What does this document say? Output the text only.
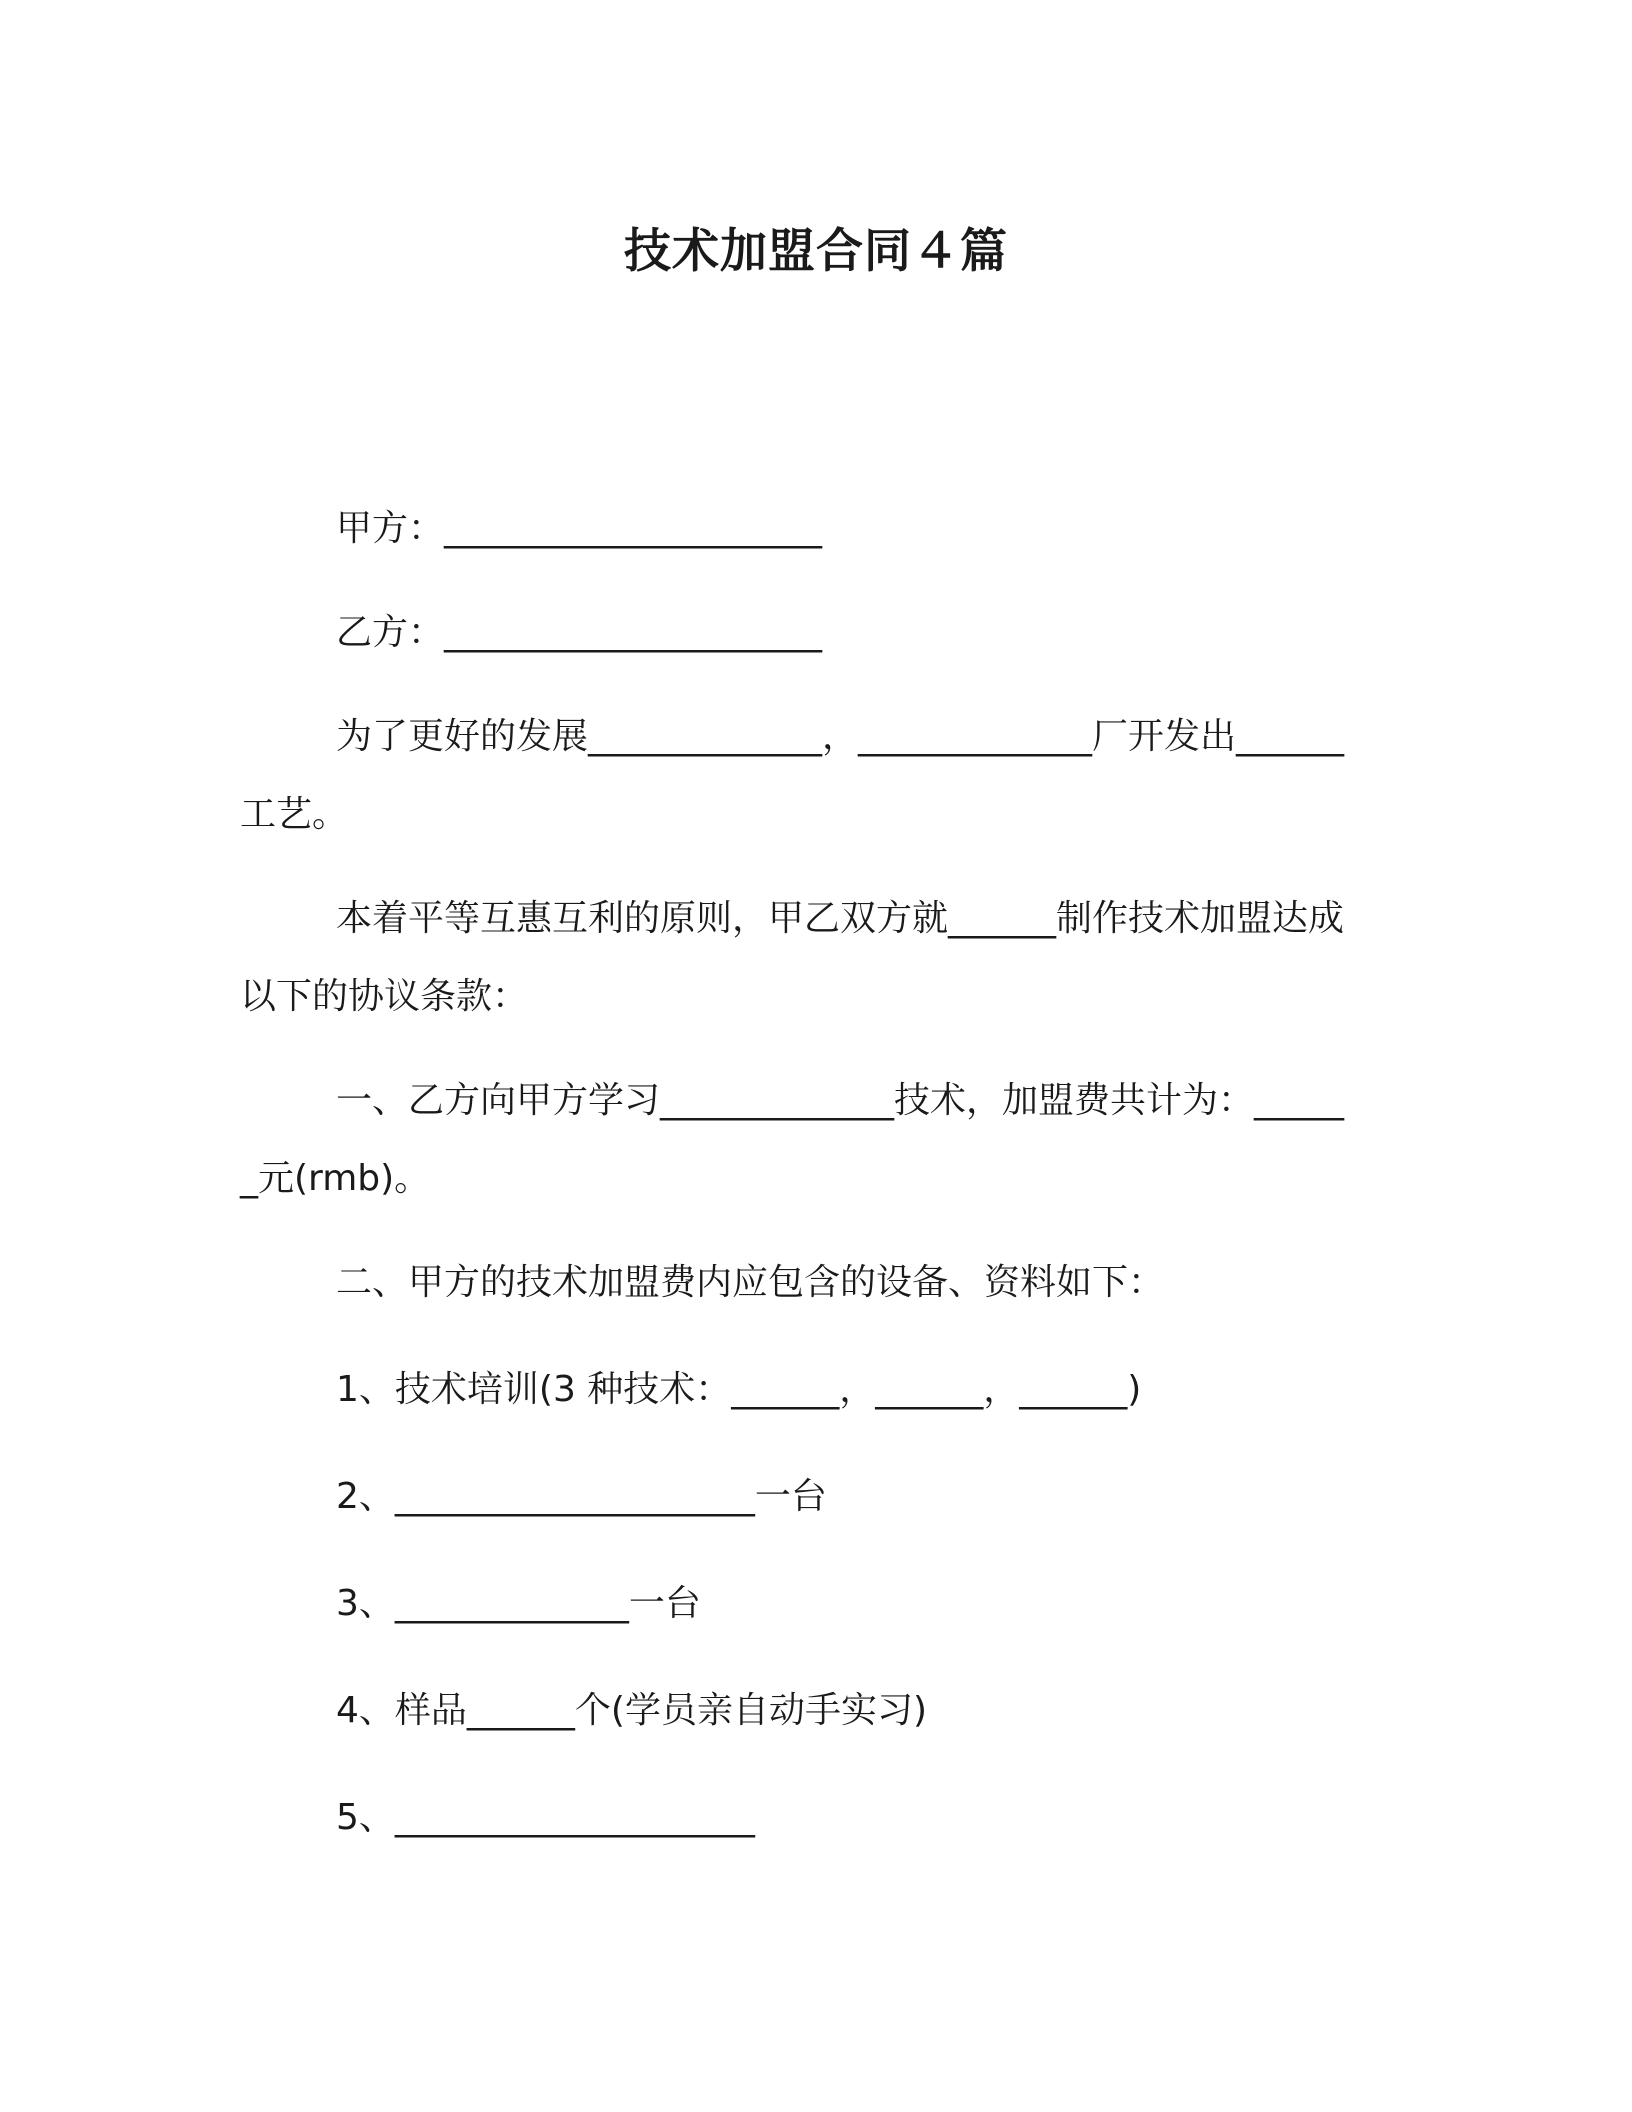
技术加盟合同４篇

甲方：_____________________

乙方：_____________________

为了更好的发展_____________，_____________厂开发出______工艺。

本着平等互惠互利的原则，甲乙双方就______制作技术加盟达成以下的协议条款：

一、乙方向甲方学习_____________技术，加盟费共计为：______元(rmb)。

二、甲方的技术加盟费内应包含的设备、资料如下：

1、技术培训(3 种技术：______，______，______)

2、____________________一台

3、_____________一台

4、样品______个(学员亲自动手实习)

5、____________________
